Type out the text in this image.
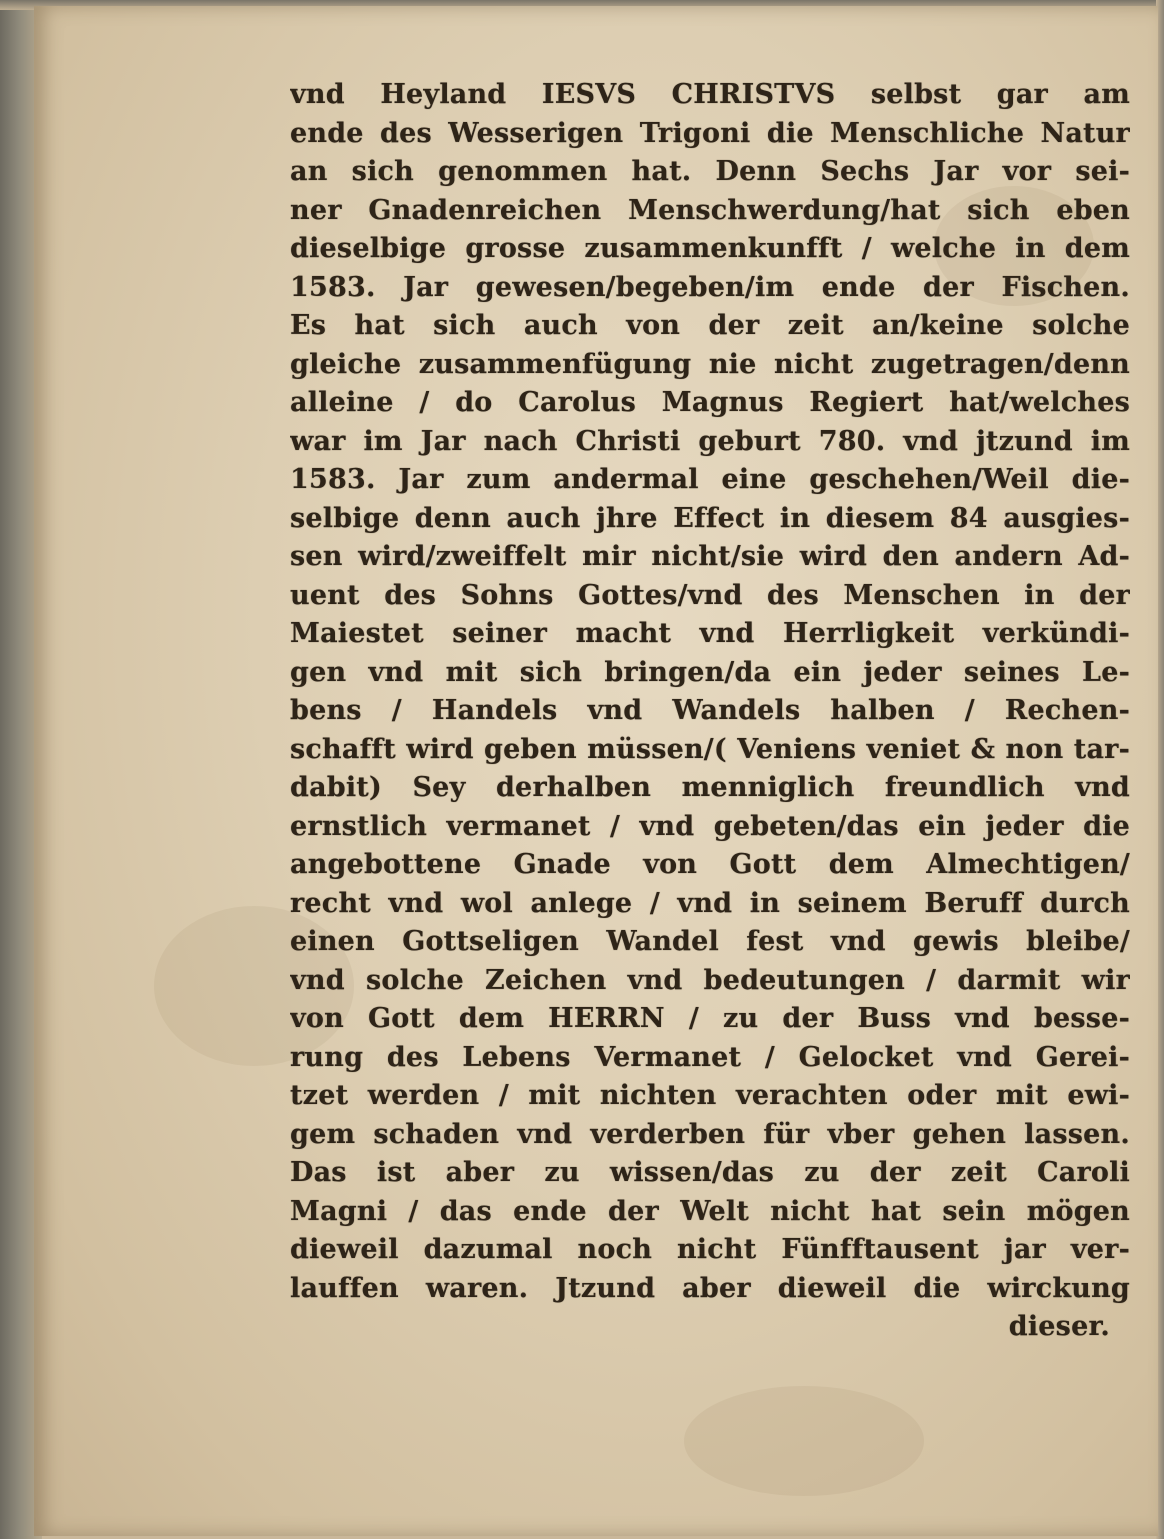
vnd Heyland IESVS CHRISTVS selbst gar am
ende des Wesserigen Trigoni die Menschliche Natur
an sich genommen hat. Denn Sechs Jar vor sei-
ner Gnadenreichen Menschwerdung/hat sich eben
dieselbige grosse zusammenkunfft / welche in dem
1583. Jar gewesen/begeben/im ende der Fischen.
Es hat sich auch von der zeit an/keine solche
gleiche zusammenfügung nie nicht zugetragen/denn
alleine / do Carolus Magnus Regiert hat/welches
war im Jar nach Christi geburt 780. vnd jtzund im
1583. Jar zum andermal eine geschehen/Weil die-
selbige denn auch jhre Effect in diesem 84 ausgies-
sen wird/zweiffelt mir nicht/sie wird den andern Ad-
uent des Sohns Gottes/vnd des Menschen in der
Maiestet seiner macht vnd Herrligkeit verkündi-
gen vnd mit sich bringen/da ein jeder seines Le-
bens / Handels vnd Wandels halben / Rechen-
schafft wird geben müssen/( Veniens veniet & non tar-
dabit) Sey derhalben menniglich freundlich vnd
ernstlich vermanet / vnd gebeten/das ein jeder die
angebottene Gnade von Gott dem Almechtigen/
recht vnd wol anlege / vnd in seinem Beruff durch
einen Gottseligen Wandel fest vnd gewis bleibe/
vnd solche Zeichen vnd bedeutungen / darmit wir
von Gott dem HERRN / zu der Buss vnd besse-
rung des Lebens Vermanet / Gelocket vnd Gerei-
tzet werden / mit nichten verachten oder mit ewi-
gem schaden vnd verderben für vber gehen lassen.
Das ist aber zu wissen/das zu der zeit Caroli
Magni / das ende der Welt nicht hat sein mögen
dieweil dazumal noch nicht Fünfftausent jar ver-
lauffen waren. Jtzund aber dieweil die wirckung
dieser.
